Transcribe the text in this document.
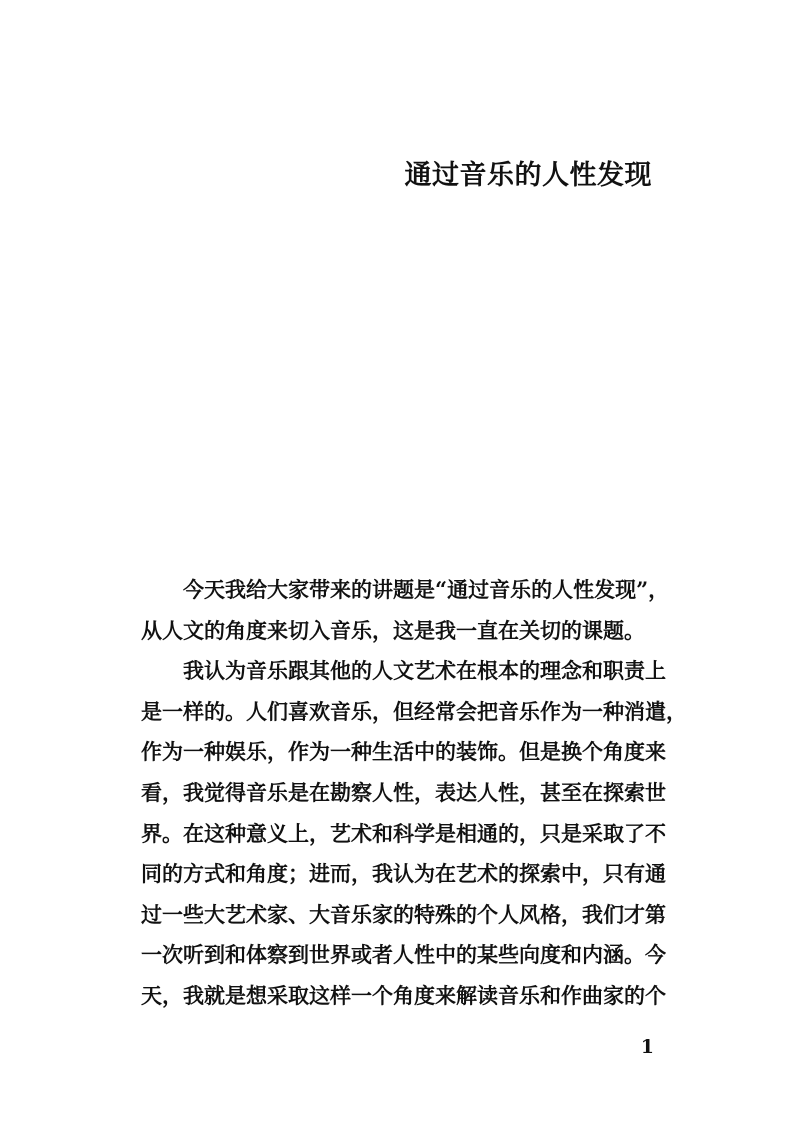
通过音乐的人性发现
今天我给大家带来的讲题是“通过音乐的人性发现”，
从人文的角度来切入音乐，这是我一直在关切的课题。
我认为音乐跟其他的人文艺术在根本的理念和职责上
是一样的。人们喜欢音乐，但经常会把音乐作为一种消遣，
作为一种娱乐，作为一种生活中的装饰。但是换个角度来
看，我觉得音乐是在勘察人性，表达人性，甚至在探索世
界。在这种意义上，艺术和科学是相通的，只是采取了不
同的方式和角度；进而，我认为在艺术的探索中，只有通
过一些大艺术家、大音乐家的特殊的个人风格，我们才第
一次听到和体察到世界或者人性中的某些向度和内涵。今
天，我就是想采取这样一个角度来解读音乐和作曲家的个

1
